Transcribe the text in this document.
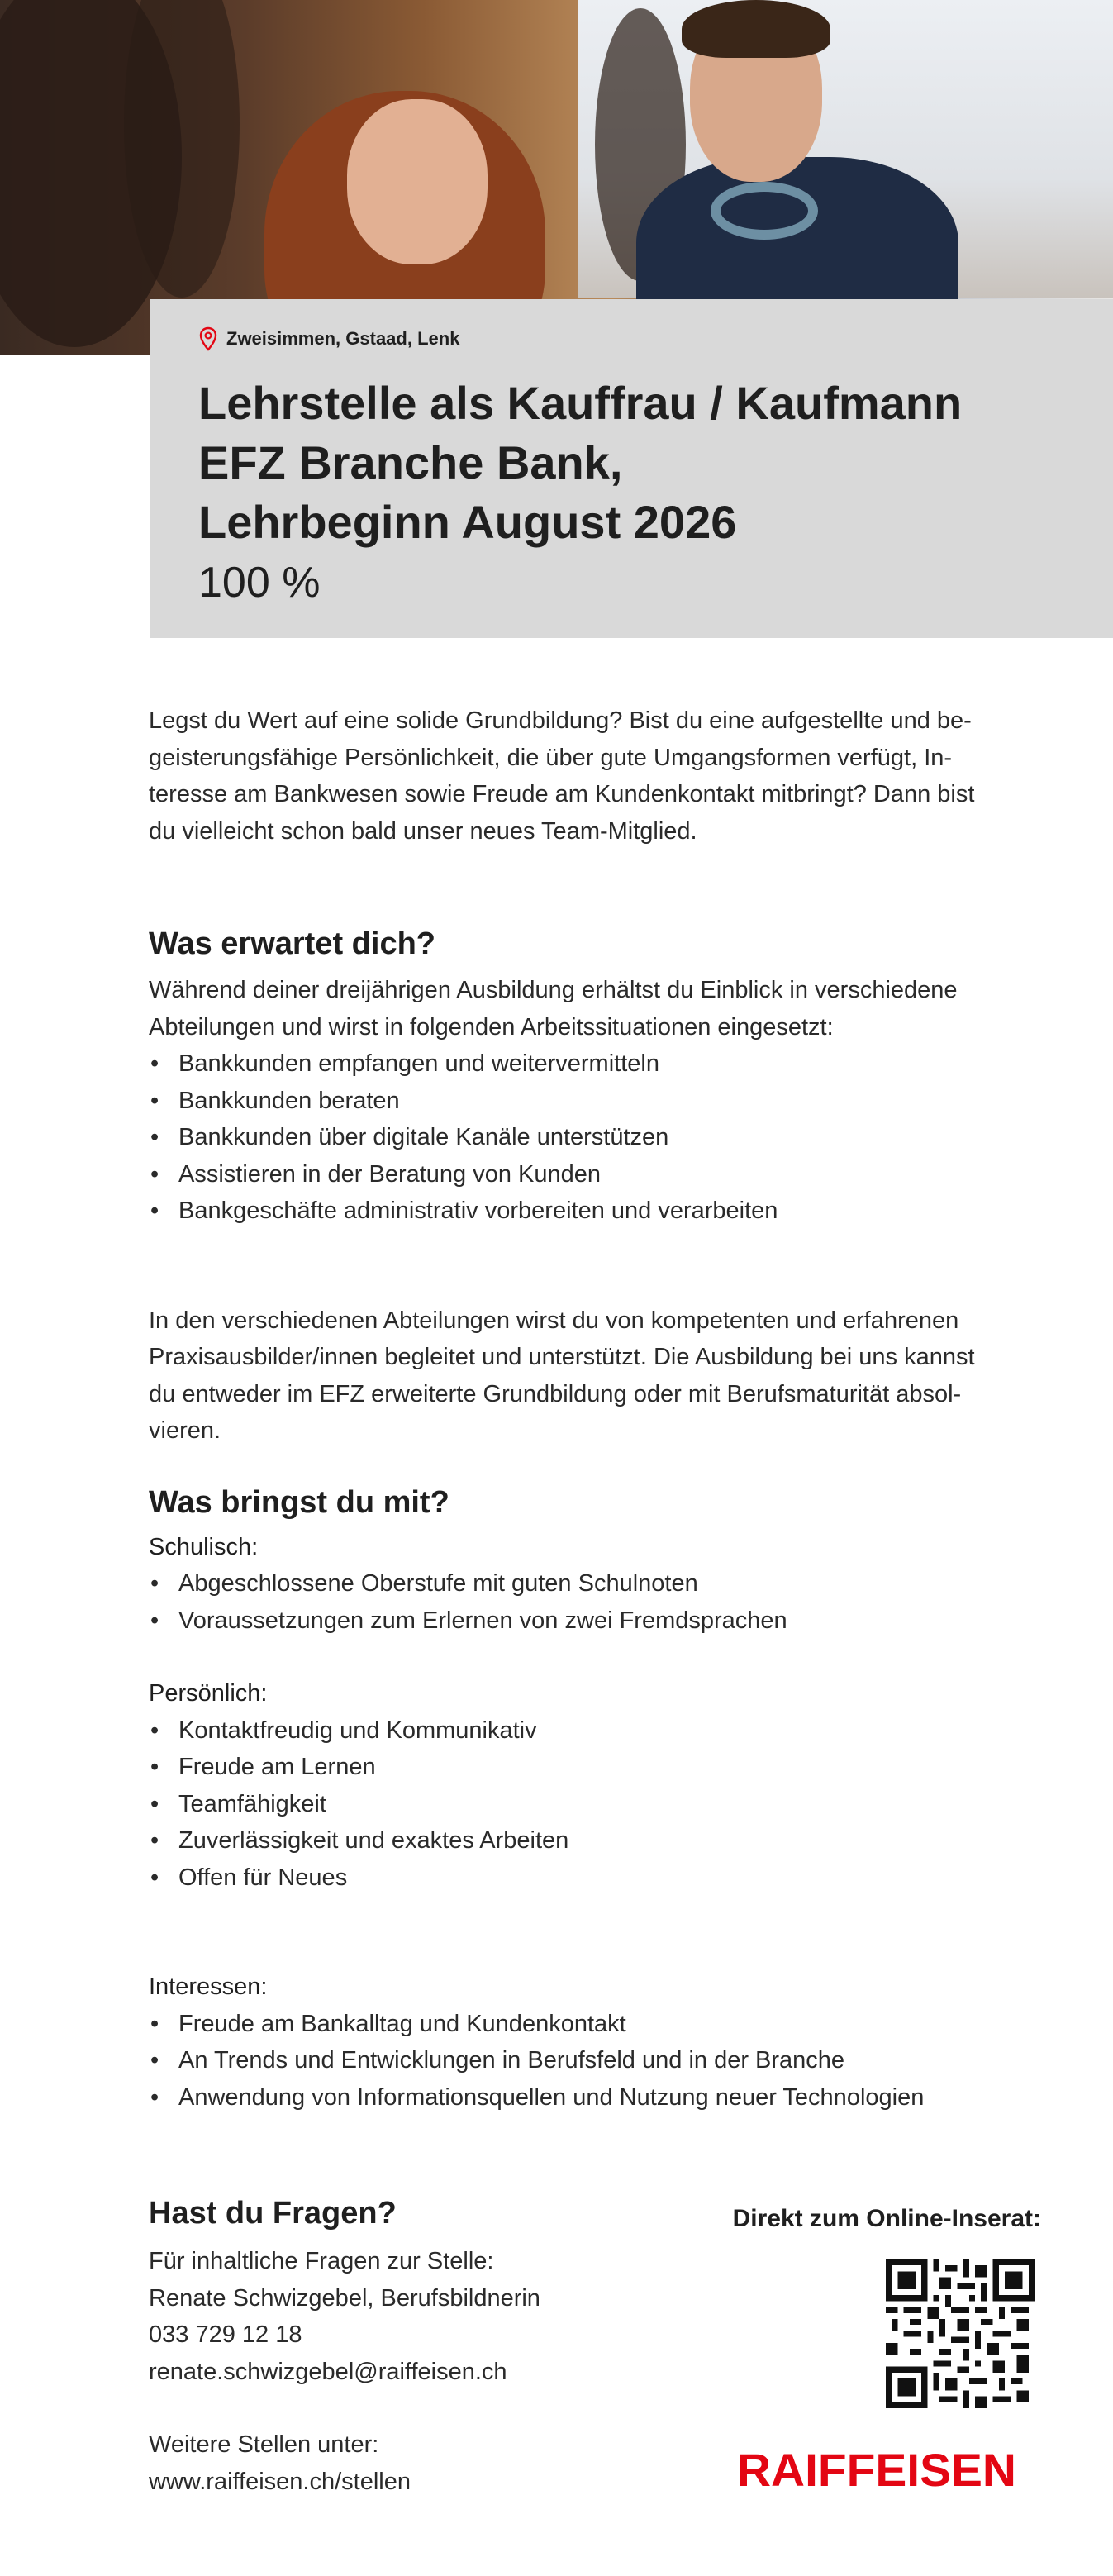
Zweisimmen, Gstaad, Lenk
Lehrstelle als Kauffrau / Kaufmann
EFZ Branche Bank,
Lehrbeginn August 2026
100 %

Legst du Wert auf eine solide Grundbildung? Bist du eine aufgestellte und be-

geisterungsfähige Persönlichkeit, die über gute Umgangsformen verfügt, In-

teresse am Bankwesen sowie Freude am Kundenkontakt mitbringt? Dann bist

du vielleicht schon bald unser neues Team-Mitglied.

Was erwartet dich?

Während deiner dreijährigen Ausbildung erhältst du Einblick in verschiedene

Abteilungen und wirst in folgenden Arbeitssituationen eingesetzt:

• Bankkunden empfangen und weitervermitteln
• Bankkunden beraten
• Bankkunden über digitale Kanäle unterstützen
• Assistieren in der Beratung von Kunden
• Bankgeschäfte administrativ vorbereiten und verarbeiten

In den verschiedenen Abteilungen wirst du von kompetenten und erfahrenen

Praxisausbilder/innen begleitet und unterstützt. Die Ausbildung bei uns kannst

du entweder im EFZ erweiterte Grundbildung oder mit Berufsmaturität absol-

vieren.

Was bringst du mit?

Schulisch:

• Abgeschlossene Oberstufe mit guten Schulnoten
• Voraussetzungen zum Erlernen von zwei Fremdsprachen

Persönlich:

• Kontaktfreudig und Kommunikativ
• Freude am Lernen
• Teamfähigkeit
• Zuverlässigkeit und exaktes Arbeiten
• Offen für Neues

Interessen:

• Freude am Bankalltag und Kundenkontakt
• An Trends und Entwicklungen in Berufsfeld und in der Branche
• Anwendung von Informationsquellen und Nutzung neuer Technologien
Hast du Fragen?

Für inhaltliche Fragen zur Stelle:

Renate Schwizgebel, Berufsbildnerin

033 729 12 18

renate.schwizgebel@raiffeisen.ch

Weitere Stellen unter:

www.raiffeisen.ch/stellen

Direkt zum Online-Inserat:
RAIFFEISEN
